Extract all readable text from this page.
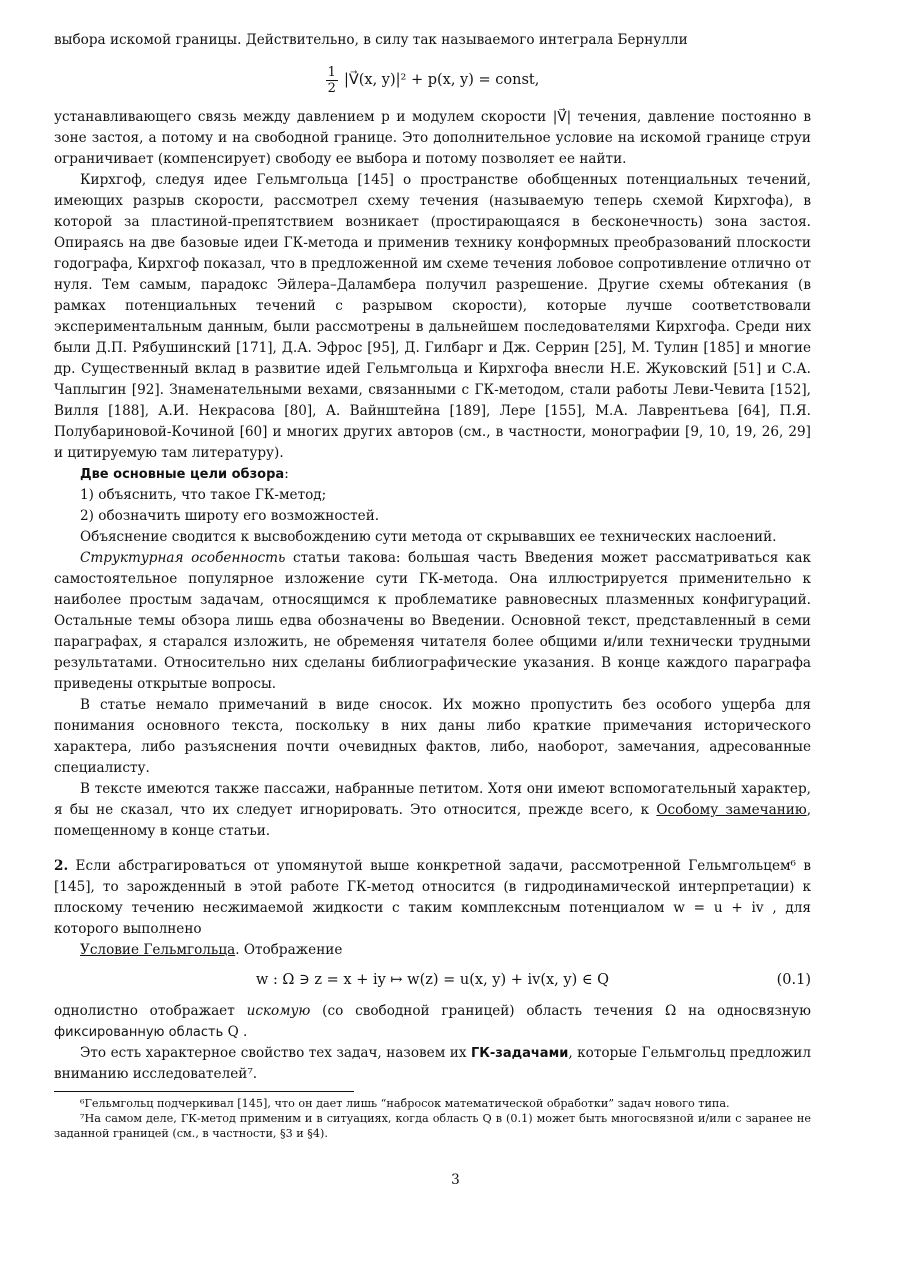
выбора искомой границы. Действительно, в силу так называемого интеграла Бернулли

$\frac{1}{2}$ |V⃗(x, y)|² + p(x, y) = const,

устанавливающего связь между давлением p и модулем скорости |V⃗| течения, давление постоянно в зоне застоя, а потому и на свободной границе. Это дополнительное условие на искомой границе струи ограничивает (компенсирует) свободу ее выбора и потому позволяет ее найти.

Кирхгоф, следуя идее Гельмгольца [145] о пространстве обобщенных потенциальных течений, имеющих разрыв скорости, рассмотрел схему течения (называемую теперь схемой Кирхгофа), в которой за пластиной-препятствием возникает (простирающаяся в бесконечность) зона застоя. Опираясь на две базовые идеи ГК-метода и применив технику конформных преобразований плоскости годографа, Кирхгоф показал, что в предложенной им схеме течения лобовое сопротивление отлично от нуля. Тем самым, парадокс Эйлера–Даламбера получил разрешение. Другие схемы обтекания (в рамках потенциальных течений с разрывом скорости), которые лучше соответствовали экспериментальным данным, были рассмотрены в дальнейшем последователями Кирхгофа. Среди них были Д.П. Рябушинский [171], Д.А. Эфрос [95], Д. Гилбарг и Дж. Серрин [25], М. Тулин [185] и многие др. Существенный вклад в развитие идей Гельмгольца и Кирхгофа внесли Н.Е. Жуковский [51] и С.А. Чаплыгин [92]. Знаменательными вехами, связанными с ГК-методом, стали работы Леви-Чевита [152], Вилля [188], А.И. Некрасова [80], А. Вайнштейна [189], Лере [155], М.А. Лаврентьева [64], П.Я. Полубариновой-Кочиной [60] и многих других авторов (см., в частности, монографии [9, 10, 19, 26, 29] и цитируемую там литературу).

Две основные цели обзора:

1) объяснить, что такое ГК-метод;

2) обозначить широту его возможностей.

Объяснение сводится к высвобождению сути метода от скрывавших ее технических наслоений.

Структурная особенность статьи такова: большая часть Введения может рассматриваться как самостоятельное популярное изложение сути ГК-метода. Она иллюстрируется применительно к наиболее простым задачам, относящимся к проблематике равновесных плазменных конфигураций. Остальные темы обзора лишь едва обозначены во Введении. Основной текст, представленный в семи параграфах, я старался изложить, не обременяя читателя более общими и/или технически трудными результатами. Относительно них сделаны библиографические указания. В конце каждого параграфа приведены открытые вопросы.

В статье немало примечаний в виде сносок. Их можно пропустить без особого ущерба для понимания основного текста, поскольку в них даны либо краткие примечания исторического характера, либо разъяснения почти очевидных фактов, либо, наоборот, замечания, адресованные специалисту.

В тексте имеются также пассажи, набранные петитом. Хотя они имеют вспомогательный характер, я бы не сказал, что их следует игнорировать. Это относится, прежде всего, к Особому замечанию, помещенному в конце статьи.

2. Если абстрагироваться от упомянутой выше конкретной задачи, рассмотренной Гельмгольцем⁶ в [145], то зарожденный в этой работе ГК-метод относится (в гидродинамической интерпретации) к плоскому течению несжимаемой жидкости с таким комплексным потенциалом w = u + iv , для которого выполнено

Условие Гельмгольца. Отображение

w : Ω ∋ z = x + iy ↦ w(z) = u(x, y) + iv(x, y) ∈ Q	(0.1)

однолистно отображает искомую (со свободной границей) область течения Ω на односвязную фиксированную область Q .

Это есть характерное свойство тех задач, назовем их ГК-задачами, которые Гельмгольц предложил вниманию исследователей⁷.

⁶Гельмгольц подчеркивал [145], что он дает лишь “набросок математической обработки” задач нового типа.

⁷На самом деле, ГК-метод применим и в ситуациях, когда область Q в (0.1) может быть многосвязной и/или с заранее не заданной границей (см., в частности, §3 и §4).

3
